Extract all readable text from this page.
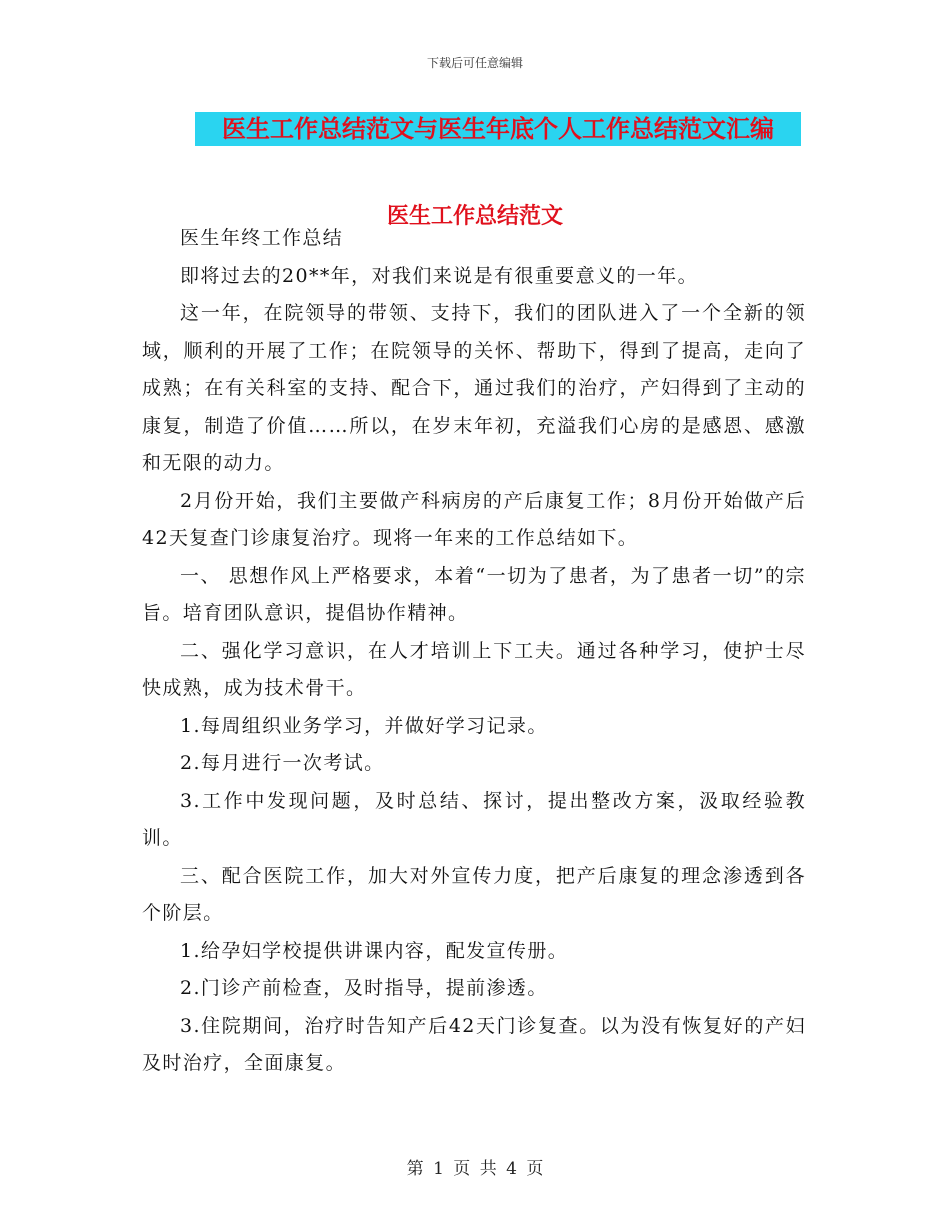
下载后可任意编辑
医生工作总结范文与医生年底个人工作总结范文汇编
医生工作总结范文

医生年终工作总结

即将过去的20**年，对我们来说是有很重要意义的一年。

这一年，在院领导的带领、支持下，我们的团队进入了一个全新的领域，顺利的开展了工作；在院领导的关怀、帮助下，得到了提高，走向了成熟；在有关科室的支持、配合下，通过我们的治疗，产妇得到了主动的康复，制造了价值……所以，在岁末年初，充溢我们心房的是感恩、感激和无限的动力。

2月份开始，我们主要做产科病房的产后康复工作；8月份开始做产后42天复查门诊康复治疗。现将一年来的工作总结如下。

一、 思想作风上严格要求，本着“一切为了患者，为了患者一切”的宗旨。培育团队意识，提倡协作精神。

二、强化学习意识，在人才培训上下工夫。通过各种学习，使护士尽快成熟，成为技术骨干。

1.每周组织业务学习，并做好学习记录。

2.每月进行一次考试。

3.工作中发现问题，及时总结、探讨，提出整改方案，汲取经验教训。

三、配合医院工作，加大对外宣传力度，把产后康复的理念渗透到各个阶层。

1.给孕妇学校提供讲课内容，配发宣传册。

2.门诊产前检查，及时指导，提前渗透。

3.住院期间，治疗时告知产后42天门诊复查。以为没有恢复好的产妇及时治疗，全面康复。

第 1 页 共 4 页
